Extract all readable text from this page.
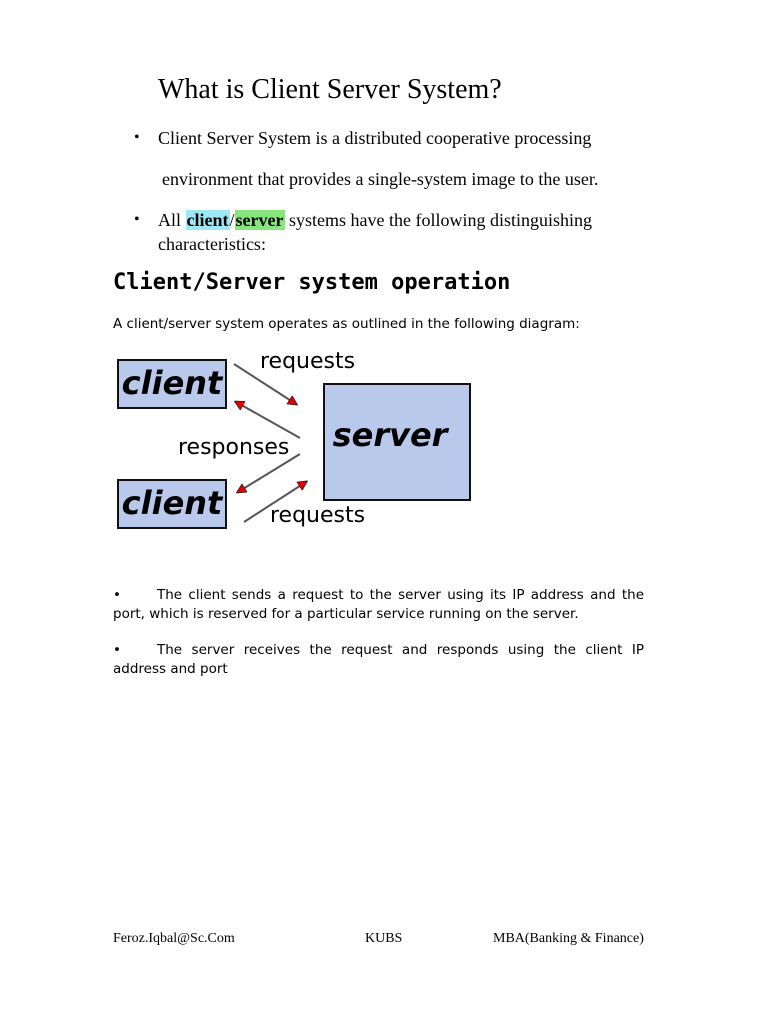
What is Client Server System?
• Client Server System is a distributed cooperative processing
environment that provides a single-system image to the user.
• All client/server systems have the following distinguishing characteristics:
Client/Server system operation
A client/server system operates as outlined in the following diagram:
client
client
server
requests
responses
requests
•	The client sends a request to the server using its IP address and the port, which is reserved for a particular service running on the server.
•	The server receives the request and responds using the client IP address and port
Feroz.Iqbal@Sc.Com	KUBS	MBA(Banking & Finance)
